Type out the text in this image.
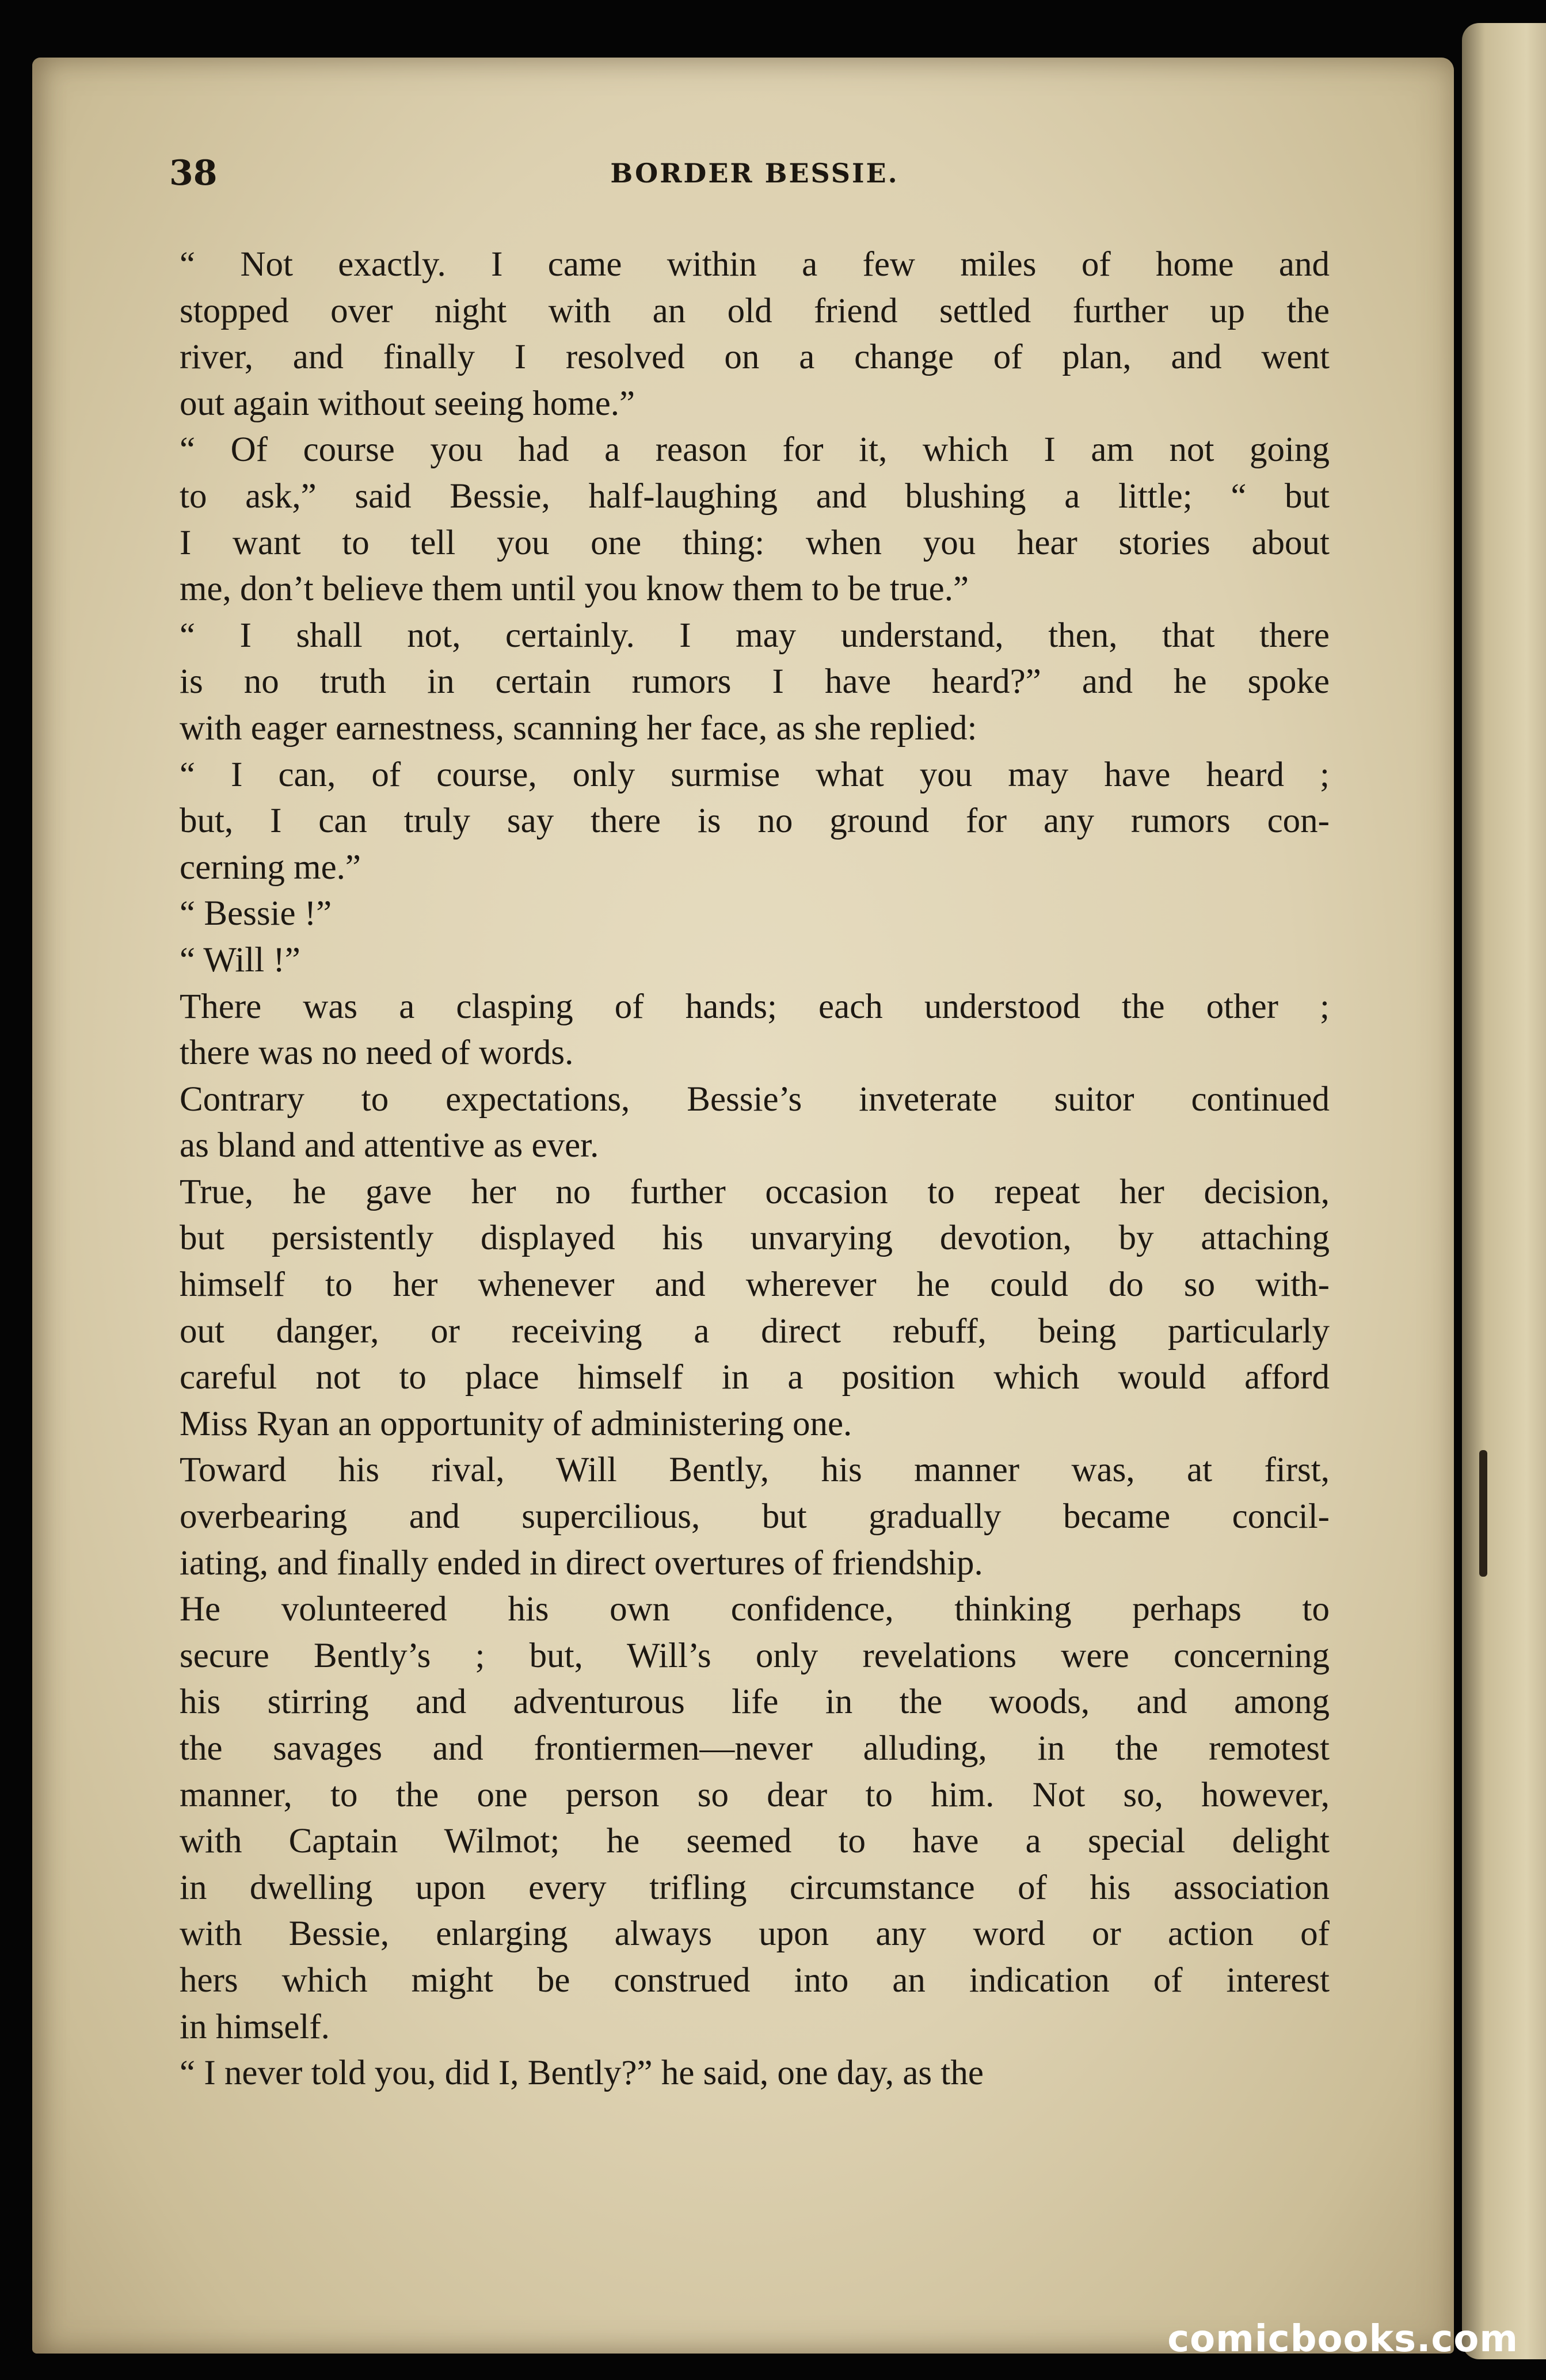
38	BORDER BESSIE.
“ Not exactly. I came within a few miles of home and
stopped over night with an old friend settled further up the
river, and finally I resolved on a change of plan, and went
out again without seeing home.”
“ Of course you had a reason for it, which I am not going
to ask,” said Bessie, half-laughing and blushing a little; “ but
I want to tell you one thing: when you hear stories about
me, don’t believe them until you know them to be true.”
“ I shall not, certainly. I may understand, then, that there
is no truth in certain rumors I have heard?” and he spoke
with eager earnestness, scanning her face, as she replied:
“ I can, of course, only surmise what you may have heard ;
but, I can truly say there is no ground for any rumors con-
cerning me.”
“ Bessie !”
“ Will !”
There was a clasping of hands; each understood the other ;
there was no need of words.
Contrary to expectations, Bessie’s inveterate suitor continued
as bland and attentive as ever.
True, he gave her no further occasion to repeat her decision,
but persistently displayed his unvarying devotion, by attaching
himself to her whenever and wherever he could do so with-
out danger, or receiving a direct rebuff, being particularly
careful not to place himself in a position which would afford
Miss Ryan an opportunity of administering one.
Toward his rival, Will Bently, his manner was, at first,
overbearing and supercilious, but gradually became concil-
iating, and finally ended in direct overtures of friendship.
He volunteered his own confidence, thinking perhaps to
secure Bently’s ; but, Will’s only revelations were concerning
his stirring and adventurous life in the woods, and among
the savages and frontiermen—never alluding, in the remotest
manner, to the one person so dear to him. Not so, however,
with Captain Wilmot; he seemed to have a special delight
in dwelling upon every trifling circumstance of his association
with Bessie, enlarging always upon any word or action of
hers which might be construed into an indication of interest
in himself.
“ I never told you, did I, Bently?” he said, one day, as the
comicbooks.com
